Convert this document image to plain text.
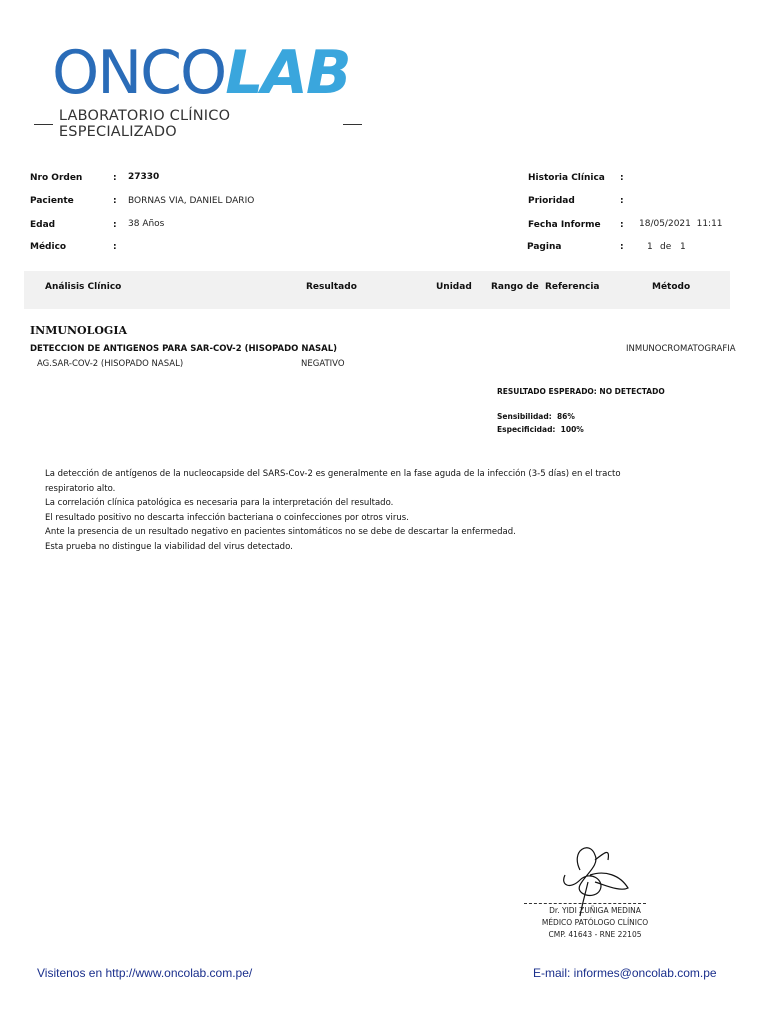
ONCOLAB
LABORATORIO CLÍNICO ESPECIALIZADO
Nro Orden	: 27330
Paciente	: BORNAS VIA, DANIEL DARIO
Edad	: 38 Años
Médico	:
Historia Clínica :
Prioridad	:
Fecha Informe : 18/05/2021  11:11
Pagina	:	1 de 1
Análisis Clínico	Resultado	Unidad Rango de  Referencia	Método
INMUNOLOGIA
DETECCION DE ANTIGENOS PARA SAR-COV-2 (HISOPADO NASAL)	INMUNOCROMATOGRAFIA
AG.SAR-COV-2 (HISOPADO NASAL)	NEGATIVO
RESULTADO ESPERADO: NO DETECTADO
Sensibilidad:  86%
Especificidad:  100%
La detección de antígenos de la nucleocapside del SARS-Cov-2 es generalmente en la fase aguda de la infección (3-5 días) en el tracto
respiratorio alto.
La correlación clínica patológica es necesaria para la interpretación del resultado.
El resultado positivo no descarta infección bacteriana o coinfecciones por otros virus.
Ante la presencia de un resultado negativo en pacientes sintomáticos no se debe de descartar la enfermedad.
Esta prueba no distingue la viabilidad del virus detectado.
Dr. YIDI ZUÑIGA MEDINA
MÉDICO PATÓLOGO CLÍNICO
CMP. 41643 - RNE 22105
Visitenos en http://www.oncolab.com.pe/	E-mail: informes@oncolab.com.pe
